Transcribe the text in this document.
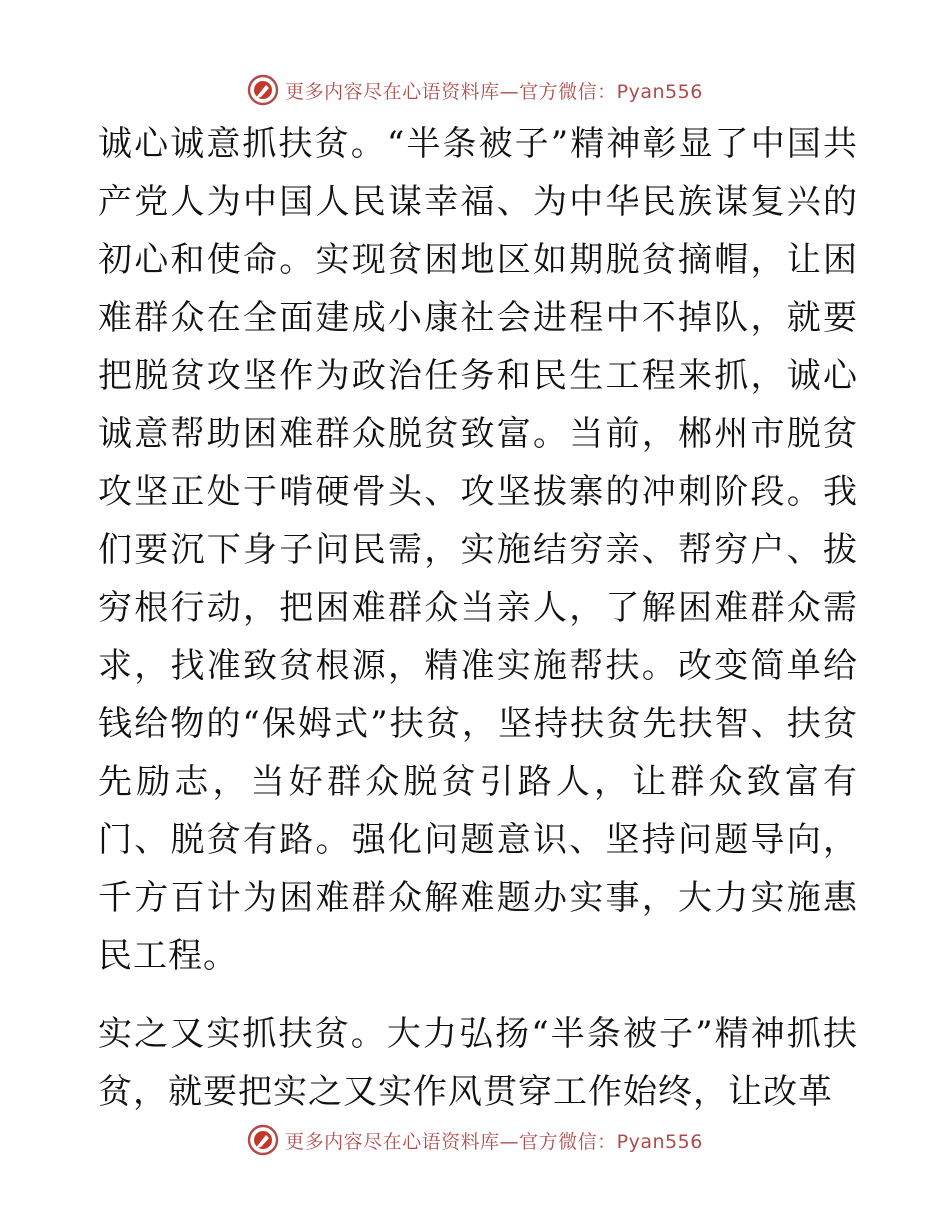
更多内容尽在心语资料库—官方微信：Pyan556

诚心诚意抓扶贫。“半条被子”精神彰显了中国共产党人为中国人民谋幸福、为中华民族谋复兴的初心和使命。实现贫困地区如期脱贫摘帽，让困难群众在全面建成小康社会进程中不掉队，就要把脱贫攻坚作为政治任务和民生工程来抓，诚心诚意帮助困难群众脱贫致富。当前，郴州市脱贫攻坚正处于啃硬骨头、攻坚拔寨的冲刺阶段。我们要沉下身子问民需，实施结穷亲、帮穷户、拔穷根行动，把困难群众当亲人，了解困难群众需求，找准致贫根源，精准实施帮扶。改变简单给钱给物的“保姆式”扶贫，坚持扶贫先扶智、扶贫先励志，当好群众脱贫引路人，让群众致富有门、脱贫有路。强化问题意识、坚持问题导向，千方百计为困难群众解难题办实事，大力实施惠民工程。

实之又实抓扶贫。大力弘扬“半条被子”精神抓扶贫，就要把实之又实作风贯穿工作始终，让改革

更多内容尽在心语资料库—官方微信：Pyan556
